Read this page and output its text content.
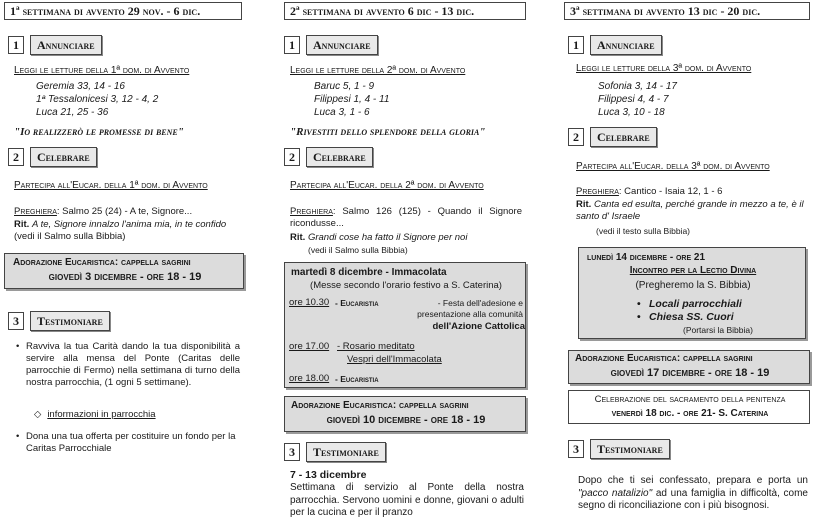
1ª settimana di avvento 29 nov. - 6 dic.
1	Annunciare
Leggi le letture della 1ª dom. di Avvento
Geremia 33, 14 - 16
1ª Tessalonicesi 3, 12 - 4, 2
Luca 21, 25 - 36
"Io realizzerò le promesse di bene"
2	Celebrare
Partecipa all'Eucar. della 1ª dom. di Avvento
Preghiera: Salmo 25 (24) - A te, Signore...
Rit. A te, Signore innalzo l'anima mia, in te confido (vedi il Salmo sulla Bibbia)
Adorazione Eucaristica: cappella sagrini
giovedì 3 dicembre - ore 18 - 19
3	Testimoniare
• Ravviva la tua Carità dando la tua disponibilità a servire alla mensa del Ponte (Caritas delle parrocchie di Fermo) nella settimana di turno della nostra parrocchia, (1 ogni 5 settimane).
◇ informazioni in parrocchia
• Dona una tua offerta per costituire un fondo per la Caritas Parrocchiale
2ª settimana di avvento 6 dic - 13 dic.
1	Annunciare
Leggi le letture della 2ª dom. di Avvento
Baruc 5, 1 - 9
Filippesi 1, 4 - 11
Luca 3, 1 - 6
"Rivestiti dello splendore della gloria"
2	Celebrare
Partecipa all'Eucar. della 2ª dom. di Avvento
Preghiera: Salmo 126 (125) - Quando il Signore ricondusse...
Rit. Grandi cose ha fatto il Signore per noi
(vedi il Salmo sulla Bibbia)
martedì 8 dicembre - Immacolata
(Messe secondo l'orario festivo a S. Caterina)
ore 10.30 - Eucaristia	- Festa dell'adesione e presentazione alla comunità
dell'Azione Cattolica
ore 17.00 - Rosario meditato
Vespri dell'Immacolata
ore 18.00 - Eucaristia
Adorazione Eucaristica: cappella sagrini
giovedì 10 dicembre - ore 18 - 19
3	Testimoniare
7 - 13 dicembre
Settimana di servizio al Ponte della nostra parrocchia. Servono uomini e donne, giovani o adulti per la cucina e per il pranzo
3ª settimana di avvento 13 dic - 20 dic.
1	Annunciare
Leggi le letture della 3ª dom. di Avvento
Sofonia 3, 14 - 17
Filippesi 4, 4 - 7
Luca 3, 10 - 18
2	Celebrare
Partecipa all'Eucar. della 3ª dom. di Avvento
Preghiera: Cantico - Isaia 12, 1 - 6
Rit. Canta ed esulta, perché grande in mezzo a te, è il santo d' Israele
(vedi il testo sulla Bibbia)
lunedì 14 dicembre - ore 21
Incontro per la Lectio Divina
(Pregheremo la S. Bibbia)
• Locali parrocchiali
• Chiesa SS. Cuori
(Portarsi la Bibbia)
Adorazione Eucaristica: cappella sagrini
giovedì 17 dicembre - ore 18 - 19
Celebrazione del sacramento della penitenza
venerdì 18 dic. - ore 21- S. Caterina
3	Testimoniare
Dopo che ti sei confessato, prepara e porta un "pacco natalizio" ad una famiglia in difficoltà, come segno di riconciliazione con i più bisognosi.
